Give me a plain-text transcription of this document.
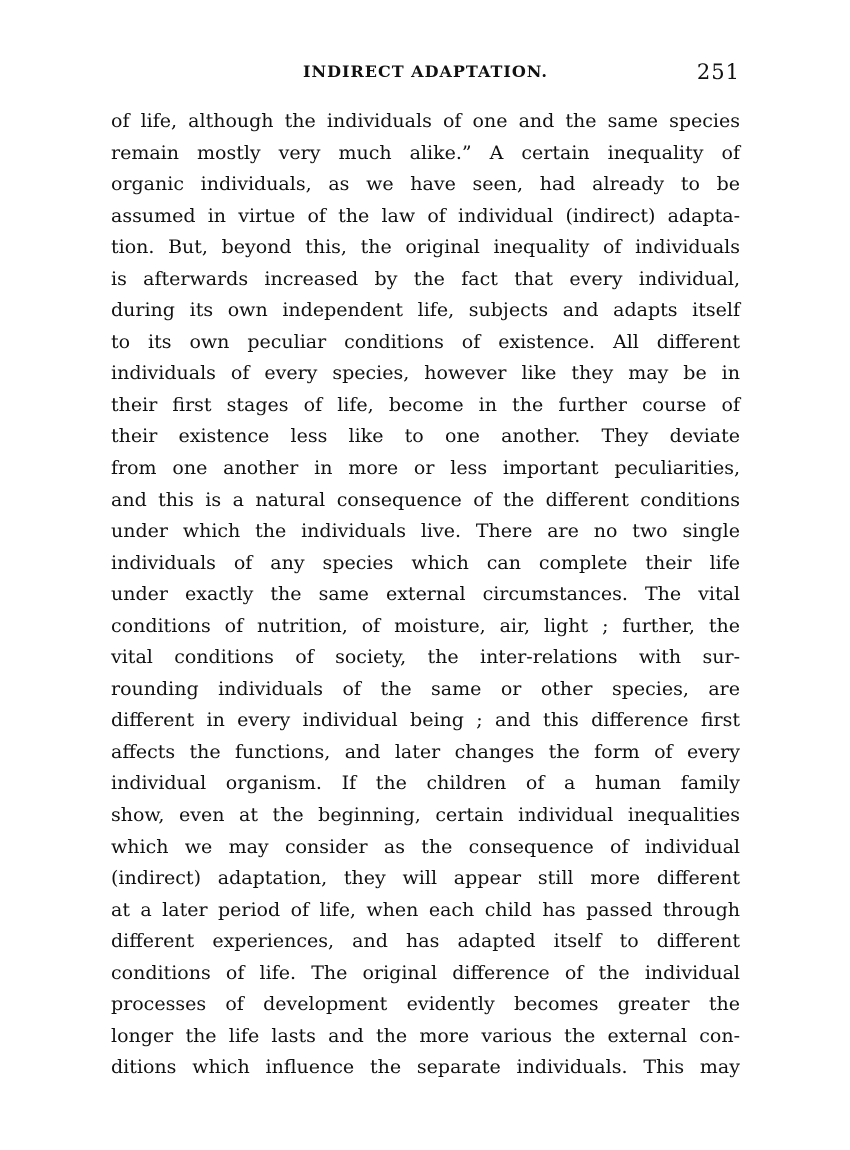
INDIRECT ADAPTATION.	251
of life, although the individuals of one and the same species
remain mostly very much alike.” A certain inequality of
organic individuals, as we have seen, had already to be
assumed in virtue of the law of individual (indirect) adapta-
tion. But, beyond this, the original inequality of individuals
is afterwards increased by the fact that every individual,
during its own independent life, subjects and adapts itself
to its own peculiar conditions of existence. All different
individuals of every species, however like they may be in
their first stages of life, become in the further course of
their existence less like to one another. They deviate
from one another in more or less important peculiarities,
and this is a natural consequence of the different conditions
under which the individuals live. There are no two single
individuals of any species which can complete their life
under exactly the same external circumstances. The vital
conditions of nutrition, of moisture, air, light ; further, the
vital conditions of society, the inter-relations with sur-
rounding individuals of the same or other species, are
different in every individual being ; and this difference first
affects the functions, and later changes the form of every
individual organism. If the children of a human family
show, even at the beginning, certain individual inequalities
which we may consider as the consequence of individual
(indirect) adaptation, they will appear still more different
at a later period of life, when each child has passed through
different experiences, and has adapted itself to different
conditions of life. The original difference of the individual
processes of development evidently becomes greater the
longer the life lasts and the more various the external con-
ditions which influence the separate individuals. This may
